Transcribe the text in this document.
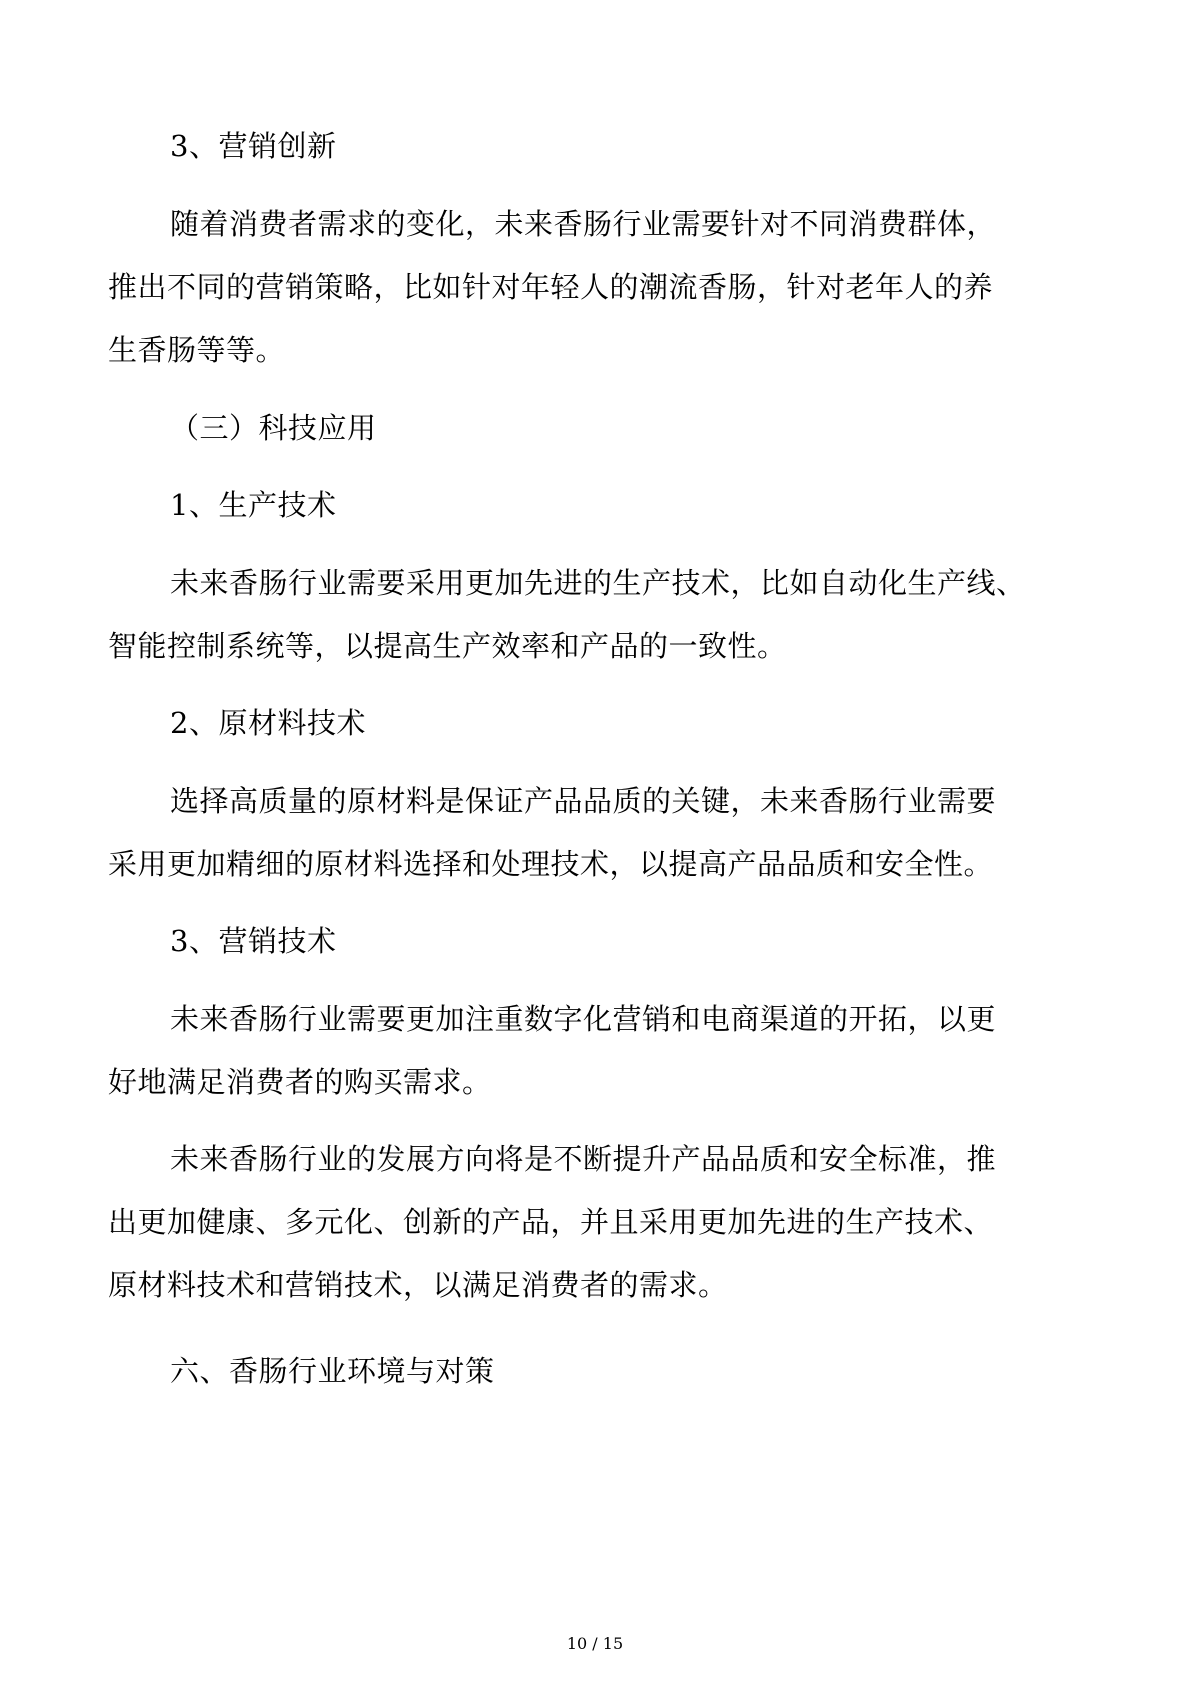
3、营销创新
随着消费者需求的变化，未来香肠行业需要针对不同消费群体，
推出不同的营销策略，比如针对年轻人的潮流香肠，针对老年人的养
生香肠等等。
（三）科技应用
1、生产技术
未来香肠行业需要采用更加先进的生产技术，比如自动化生产线、
智能控制系统等，以提高生产效率和产品的一致性。
2、原材料技术
选择高质量的原材料是保证产品品质的关键，未来香肠行业需要
采用更加精细的原材料选择和处理技术，以提高产品品质和安全性。
3、营销技术
未来香肠行业需要更加注重数字化营销和电商渠道的开拓，以更
好地满足消费者的购买需求。
未来香肠行业的发展方向将是不断提升产品品质和安全标准，推
出更加健康、多元化、创新的产品，并且采用更加先进的生产技术、
原材料技术和营销技术，以满足消费者的需求。
六、香肠行业环境与对策
10 / 15
